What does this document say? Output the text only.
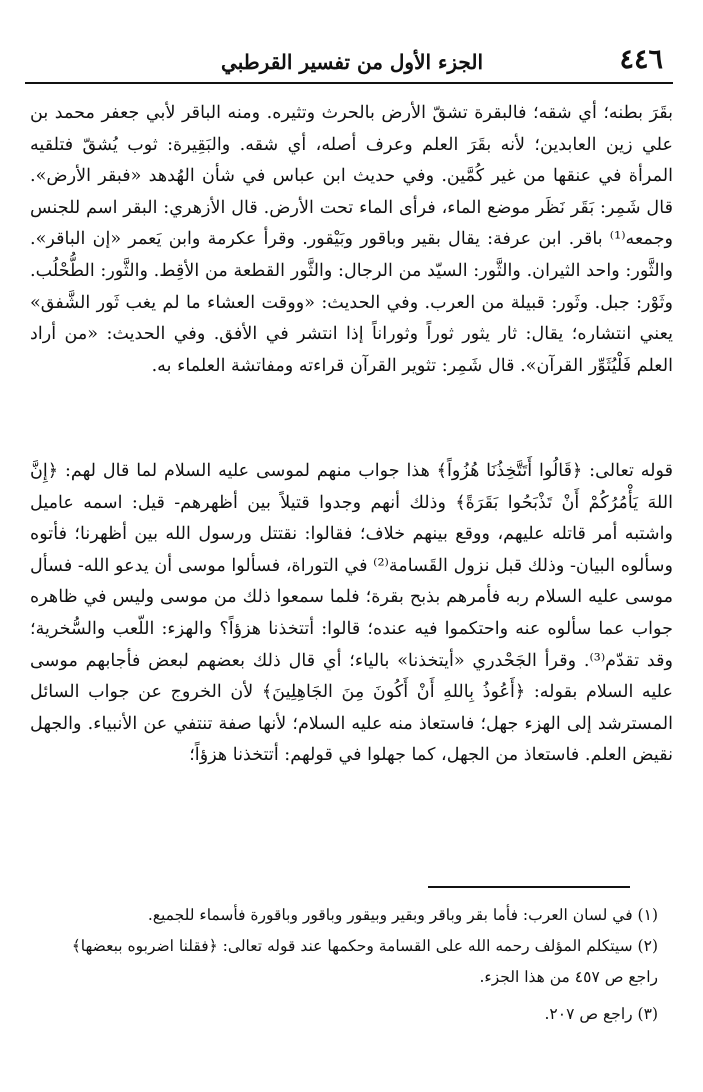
٤٤٦
الجزء الأول من تفسير القرطبي

بقَرَ بطنه؛ أي شقه؛ فالبقرة تشقّ الأرض بالحرث وتثيره. ومنه الباقر لأبي جعفر محمد بن علي زين العابدين؛ لأنه بقَرَ العلم وعرف أصله، أي شقه. والبَقِيرة: ثوب يُشقّ فتلقيه المرأة في عنقها من غير كُمَّين. وفي حديث ابن عباس في شأن الهُدهد «فبقر الأرض». قال شَمِر: بَقَر نَظَر موضع الماء، فرأى الماء تحت الأرض. قال الأزهري: البقر اسم للجنس وجمعه⁽¹⁾ باقر. ابن عرفة: يقال بقير وباقور وبَيْقور. وقرأ عكرمة وابن يَعمر «إن الباقر». والثَّور: واحد الثيران. والثَّور: السيّد من الرجال: والثَّور القطعة من الأقِط. والثَّور: الطُّحْلُب. وثَوْر: جبل. وثَور: قبيلة من العرب. وفي الحديث: «ووقت العشاء ما لم يغب ثَور الشَّفق» يعني انتشاره؛ يقال: ثار يثور ثوراً وثوراناً إذا انتشر في الأفق. وفي الحديث: «من أراد العلم فَلْيُثَوِّر القرآن». قال شَمِر: تثوير القرآن قراءته ومفاتشة العلماء به.

قوله تعالى: ﴿قَالُوا أَتَتَّخِذُنَا هُزُواً﴾ هذا جواب منهم لموسى عليه السلام لما قال لهم: ﴿إِنَّ اللهَ يَأْمُرُكُمْ أَنْ تَذْبَحُوا بَقَرَةً﴾ وذلك أنهم وجدوا قتيلاً بين أظهرهم- قيل: اسمه عاميل واشتبه أمر قاتله عليهم، ووقع بينهم خلاف؛ فقالوا: نقتتل ورسول الله بين أظهرنا؛ فأتوه وسألوه البيان- وذلك قبل نزول القَسامة⁽²⁾ في التوراة، فسألوا موسى أن يدعو الله- فسأل موسى عليه السلام ربه فأمرهم بذبح بقرة؛ فلما سمعوا ذلك من موسى وليس في ظاهره جواب عما سألوه عنه واحتكموا فيه عنده؛ قالوا: أتتخذنا هزؤاً؟ والهزء: اللّعب والسُّخرية؛ وقد تقدّم⁽³⁾. وقرأ الجَحْدري «أيتخذنا» بالياء؛ أي قال ذلك بعضهم لبعض فأجابهم موسى عليه السلام بقوله: ﴿أَعُوذُ بِاللهِ أَنْ أَكُونَ مِنَ الجَاهِلِينَ﴾ لأن الخروج عن جواب السائل المسترشد إلى الهزء جهل؛ فاستعاذ منه عليه السلام؛ لأنها صفة تنتفي عن الأنبياء. والجهل نقيض العلم. فاستعاذ من الجهل، كما جهلوا في قولهم: أتتخذنا هزؤاً؛

(١) في لسان العرب: فأما بقر وباقر وبقير وبيقور وباقور وباقورة فأسماء للجميع.

(٢) سيتكلم المؤلف رحمه الله على القسامة وحكمها عند قوله تعالى: ﴿فقلنا اضربوه ببعضها﴾ راجع ص ٤٥٧ من هذا الجزء.

(٣) راجع ص ٢٠٧.
